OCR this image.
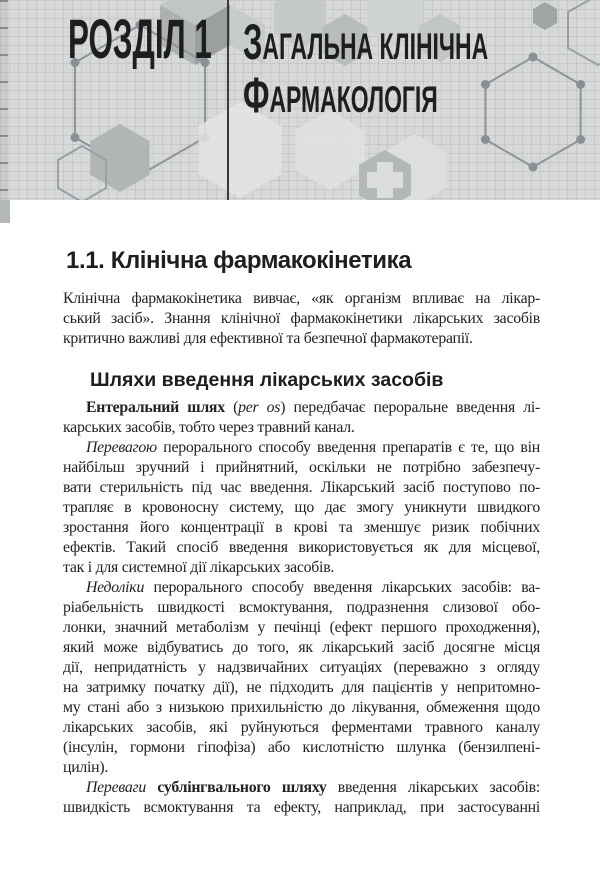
РОЗДІЛ 1 ЗАГАЛЬНА КЛІНІЧНА
ФАРМАКОЛОГІЯ
1.1. Клінічна фармакокінетика
Клінічна фармакокінетика вивчає, «як організм впливає на лікар-
ський засіб». Знання клінічної фармакокінетики лікарських засобів
критично важливі для ефективної та безпечної фармакотерапії.
Шляхи введення лікарських засобів
Ентеральний шлях (per os) передбачає пероральне введення лі-
карських засобів, тобто через травний канал.
Перевагою перорального способу введення препаратів є те, що він
найбільш зручний і прийнятний, оскільки не потрібно забезпечу-
вати стерильність під час введення. Лікарський засіб поступово по-
трапляє в кровоносну систему, що дає змогу уникнути швидкого
зростання його концентрації в крові та зменшує ризик побічних
ефектів. Такий спосіб введення використовується як для місцевої,
так і для системної дії лікарських засобів.
Недоліки перорального способу введення лікарських засобів: ва-
ріабельність швидкості всмоктування, подразнення слизової обо-
лонки, значний метаболізм у печінці (ефект першого проходження),
який може відбуватись до того, як лікарський засіб досягне місця
дії, непридатність у надзвичайних ситуаціях (переважно з огляду
на затримку початку дії), не підходить для пацієнтів у непритомно-
му стані або з низькою прихильністю до лікування, обмеження щодо
лікарських засобів, які руйнуються ферментами травного каналу
(інсулін, гормони гіпофіза) або кислотністю шлунка (бензилпені-
цилін).
Переваги сублінгвального шляху введення лікарських засобів:
швидкість всмоктування та ефекту, наприклад, при застосуванні
